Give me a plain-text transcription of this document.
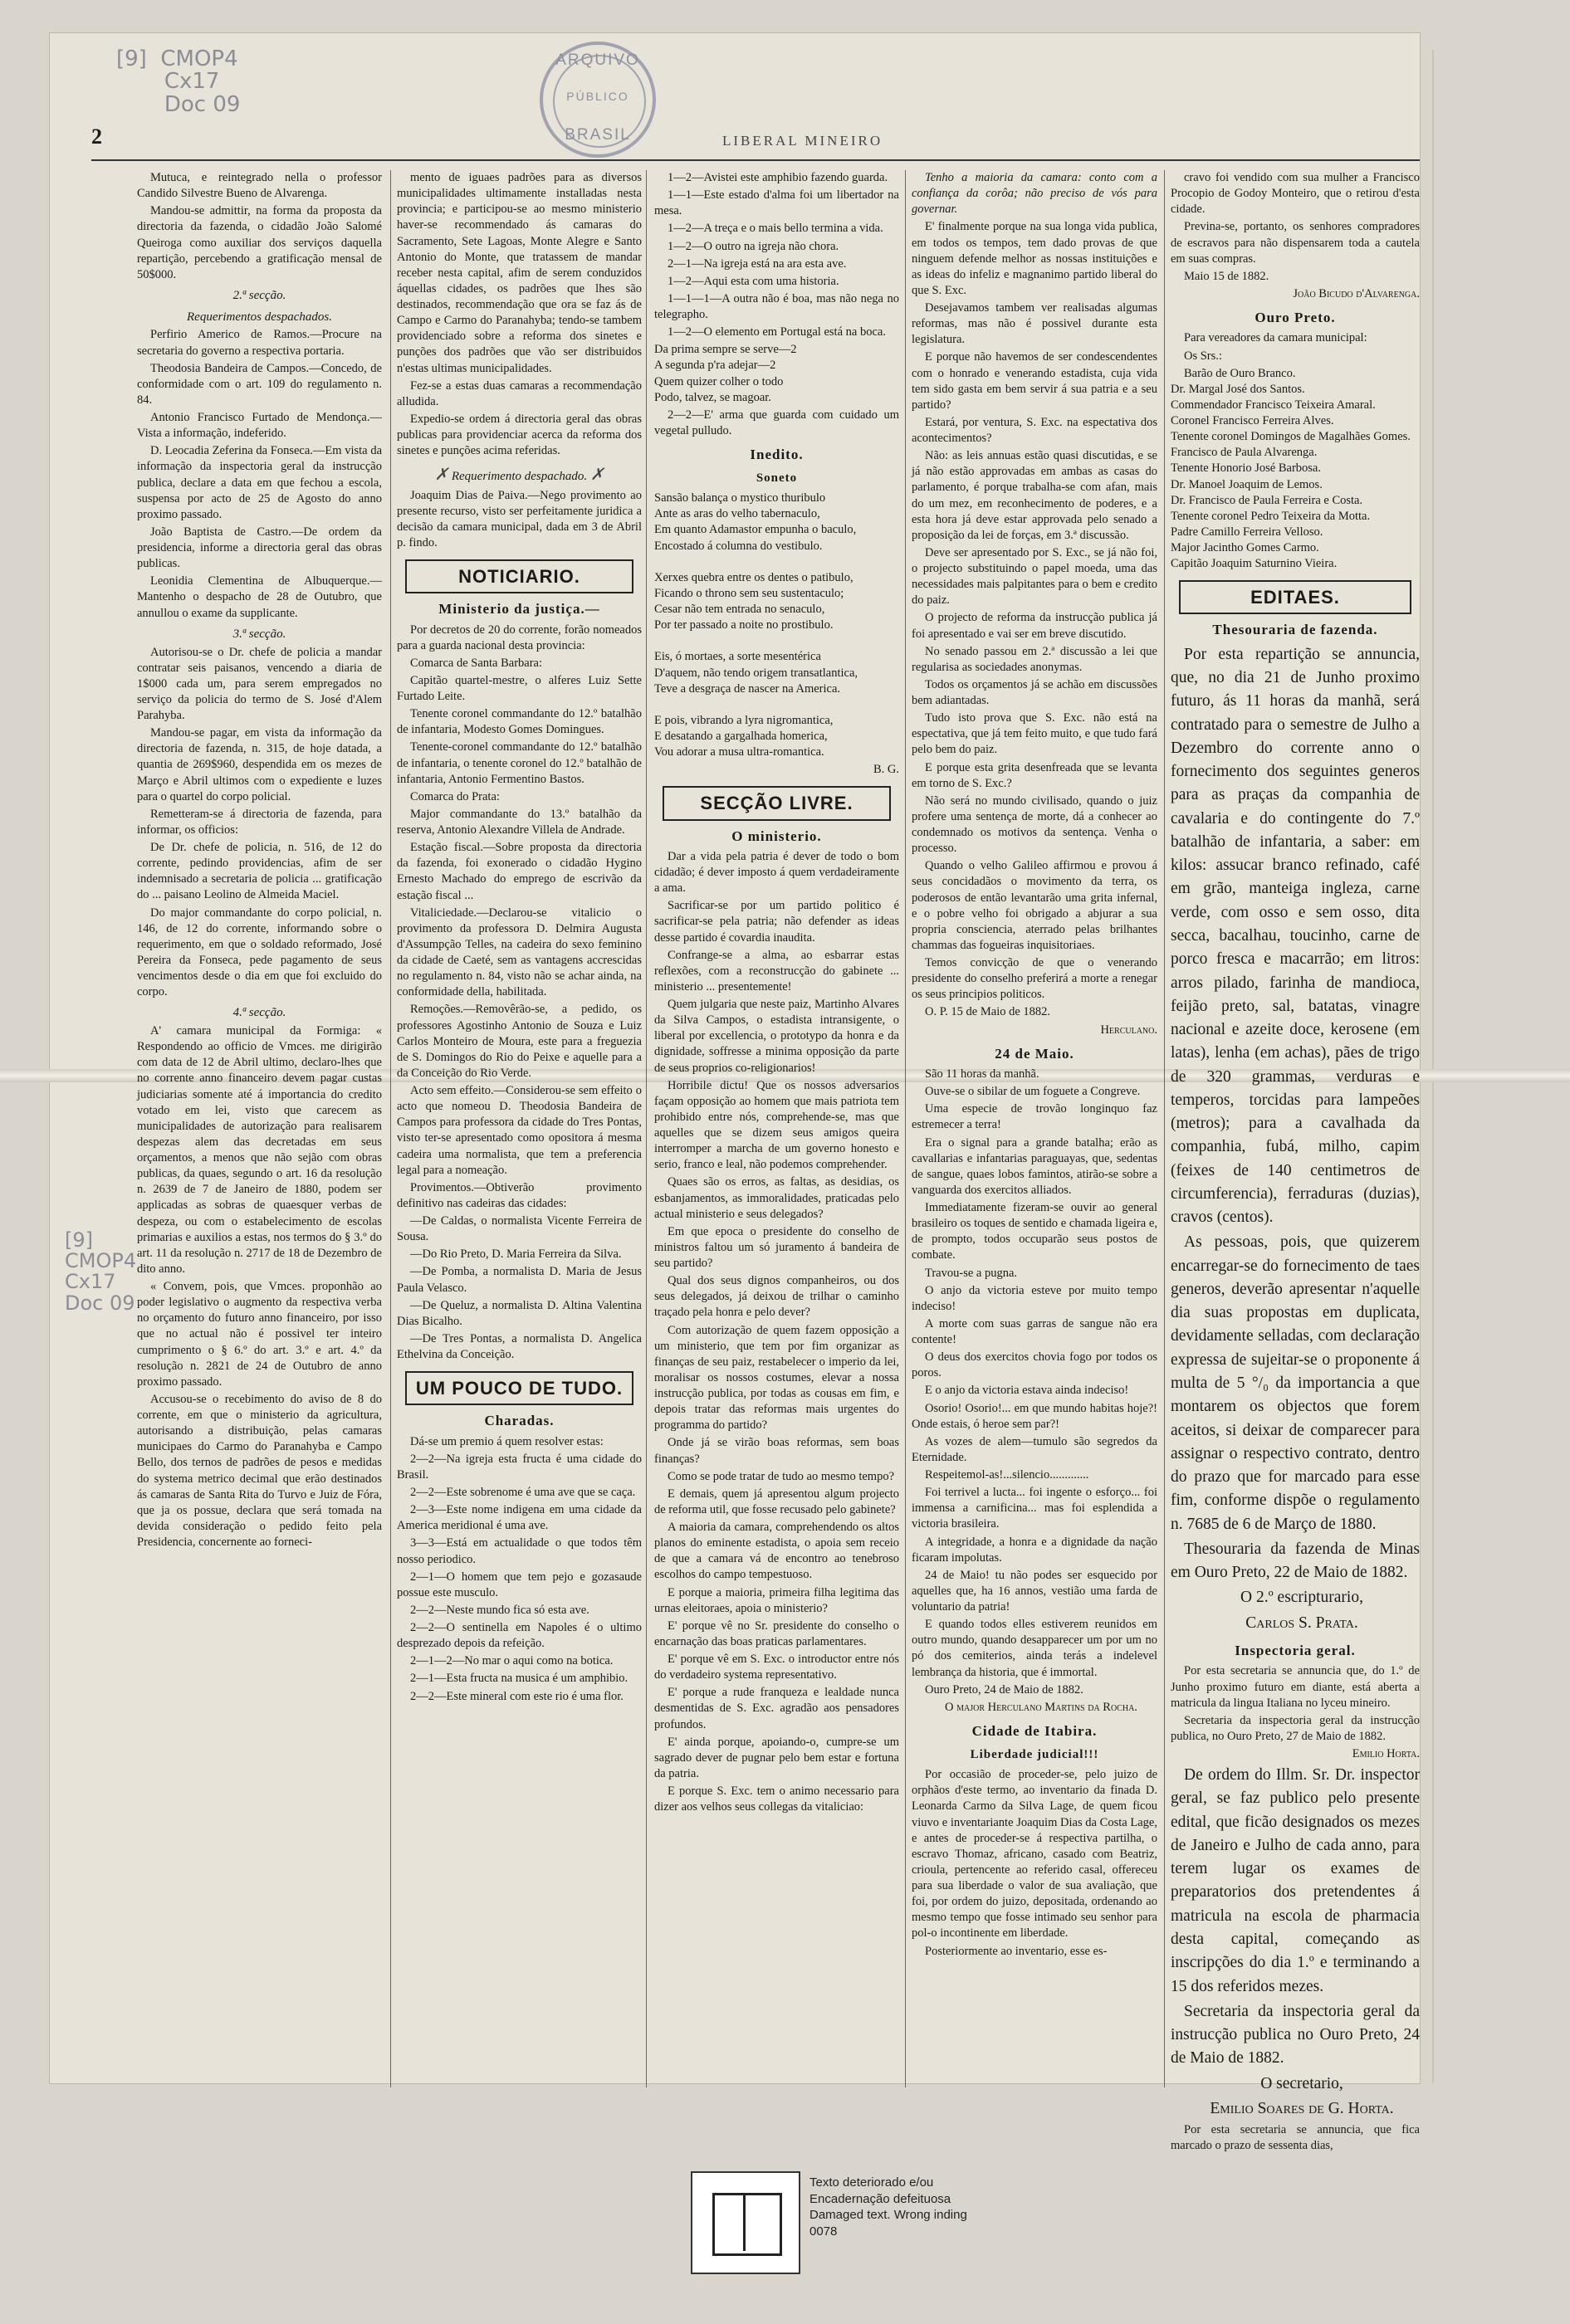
ARQUIVO
PÚBLICO
BRASIL
[9]  CMOP4
Cx17
Doc 09
[9]
CMOP4
Cx17
Doc 09
2	LIBERAL MINEIRO

Mutuca, e reintegrado nella o professor Candido Silvestre Bueno de Alvarenga.

Mandou-se admittir, na forma da proposta da directoria da fazenda, o cidadão João Salomé Queiroga como auxiliar dos serviços daquella repartição, percebendo a gratificação mensal de 50$000.

2.ª secção.
Requerimentos despachados.

Perfirio Americo de Ramos.—Procure na secretaria do governo a respectiva portaria.

Theodosia Bandeira de Campos.—Concedo, de conformidade com o art. 109 do regulamento n. 84.

Antonio Francisco Furtado de Mendonça.—Vista a informação, indeferido.

D. Leocadia Zeferina da Fonseca.—Em vista da informação da inspectoria geral da instrucção publica, declare a data em que fechou a escola, suspensa por acto de 25 de Agosto do anno proximo passado.

João Baptista de Castro.—De ordem da presidencia, informe a directoria geral das obras publicas.

Leonidia Clementina de Albuquerque.—Mantenho o despacho de 28 de Outubro, que annullou o exame da supplicante.

3.ª secção.

Autorisou-se o Dr. chefe de policia a mandar contratar seis paisanos, vencendo a diaria de 1$000 cada um, para serem empregados no serviço da policia do termo de S. José d'Alem Parahyba.

Mandou-se pagar, em vista da informação da directoria de fazenda, n. 315, de hoje datada, a quantia de 269$960, despendida em os mezes de Março e Abril ultimos com o expediente e luzes para o quartel do corpo policial.

Remetteram-se á directoria de fazenda, para informar, os officios:

De Dr. chefe de policia, n. 516, de 12 do corrente, pedindo providencias, afim de ser indemnisado a secretaria de policia ... gratificação do ... paisano Leolino de Almeida Maciel.

Do major commandante do corpo policial, n. 146, de 12 do corrente, informando sobre o requerimento, em que o soldado reformado, José Pereira da Fonseca, pede pagamento de seus vencimentos desde o dia em que foi excluido do corpo.

4.ª secção.

A' camara municipal da Formiga: « Respondendo ao officio de Vmces. me dirigirão com data de 12 de Abril ultimo, declaro-lhes que no corrente anno financeiro devem pagar custas judiciarias somente até á importancia do credito votado em lei, visto que carecem as municipalidades de autorização para realisarem despezas alem das decretadas em seus orçamentos, a menos que não sejão com obras publicas, da quaes, segundo o art. 16 da resolução n. 2639 de 7 de Janeiro de 1880, podem ser applicadas as sobras de quaesquer verbas de despeza, ou com o estabelecimento de escolas primarias e auxilios a estas, nos termos do § 3.º do art. 11 da resolução n. 2717 de 18 de Dezembro de dito anno.

« Convem, pois, que Vmces. proponhão ao poder legislativo o augmento da respectiva verba no orçamento do futuro anno financeiro, por isso que no actual não é possivel ter inteiro cumprimento o § 6.º do art. 3.º e art. 4.º da resolução n. 2821 de 24 de Outubro de anno proximo passado.

Accusou-se o recebimento do aviso de 8 do corrente, em que o ministerio da agricultura, autorisando a distribuição, pelas camaras municipaes do Carmo do Paranahyba e Campo Bello, dos ternos de padrões de pesos e medidas do systema metrico decimal que erão destinados ás camaras de Santa Rita do Turvo e Juiz de Fóra, que ja os possue, declara que será tomada na devida consideração o pedido feito pela Presidencia, concernente ao forneci-

mento de iguaes padrões para as diversos municipalidades ultimamente installadas nesta provincia; e participou-se ao mesmo ministerio haver-se recommendado ás camaras do Sacramento, Sete Lagoas, Monte Alegre e Santo Antonio do Monte, que tratassem de mandar receber nesta capital, afim de serem conduzidos áquellas cidades, os padrões que lhes são destinados, recommendação que ora se faz ás de Campo e Carmo do Paranahyba; tendo-se tambem providenciado sobre a reforma dos sinetes e punções dos padrões que vão ser distribuidos n'estas ultimas municipalidades.

Fez-se a estas duas camaras a recommendação alludida.

Expedio-se ordem á directoria geral das obras publicas para providenciar acerca da reforma dos sinetes e punções acima referidas.

✗ Requerimento despachado. ✗

Joaquim Dias de Paiva.—Nego provimento ao presente recurso, visto ser perfeitamente juridica a decisão da camara municipal, dada em 3 de Abril p. findo.

NOTICIARIO.
Ministerio da justiça.—

Por decretos de 20 do corrente, forão nomeados para a guarda nacional desta provincia:

Comarca de Santa Barbara:

Capitão quartel-mestre, o alferes Luiz Sette Furtado Leite.

Tenente coronel commandante do 12.º batalhão de infantaria, Modesto Gomes Domingues.

Tenente-coronel commandante do 12.º batalhão de infantaria, o tenente coronel do 12.º batalhão de infantaria, Antonio Fermentino Bastos.

Comarca do Prata:

Major commandante do 13.º batalhão da reserva, Antonio Alexandre Villela de Andrade.

Estação fiscal.—Sobre proposta da directoria da fazenda, foi exonerado o cidadão Hygino Ernesto Machado do emprego de escrivão da estação fiscal ...

Vitaliciedade.—Declarou-se vitalicio o provimento da professora D. Delmira Augusta d'Assumpção Telles, na cadeira do sexo feminino da cidade de Caeté, sem as vantagens accrescidas no regulamento n. 84, visto não se achar ainda, na conformidade della, habilitada.

Remoções.—Removêrão-se, a pedido, os professores Agostinho Antonio de Souza e Luiz Carlos Monteiro de Moura, este para a freguezia de S. Domingos do Rio do Peixe e aquelle para a da Conceição do Rio Verde.

Acto sem effeito.—Considerou-se sem effeito o acto que nomeou D. Theodosia Bandeira de Campos para professora da cidade do Tres Pontas, visto ter-se apresentado como opositora á mesma cadeira uma normalista, que tem a preferencia legal para a nomeação.

Provimentos.—Obtiverão provimento definitivo nas cadeiras das cidades:

—De Caldas, o normalista Vicente Ferreira de Sousa.

—Do Rio Preto, D. Maria Ferreira da Silva.

—De Pomba, a normalista D. Maria de Jesus Paula Velasco.

—De Queluz, a normalista D. Altina Valentina Dias Bicalho.

—De Tres Pontas, a normalista D. Angelica Ethelvina da Conceição.

UM POUCO DE TUDO.
Charadas.

Dá-se um premio á quem resolver estas:

2—2—Na igreja esta fructa é uma cidade do Brasil.

2—2—Este sobrenome é uma ave que se caça.

2—3—Este nome indigena em uma cidade da America meridional é uma ave.

3—3—Está em actualidade o que todos têm nosso periodico.

2—1—O homem que tem pejo e gozasaude possue este musculo.

2—2—Neste mundo fica só esta ave.

2—2—O sentinella em Napoles é o ultimo desprezado depois da refeição.

2—1—2—No mar o aqui como na botica.

2—1—Esta fructa na musica é um amphibio.

2—2—Este mineral com este rio é uma flor.

1—2—Avistei este amphibio fazendo guarda.

1—1—Este estado d'alma foi um libertador na mesa.

1—2—A treça e o mais bello termina a vida.

1—2—O outro na igreja não chora.

2—1—Na igreja está na ara esta ave.

1—2—Aqui esta com uma historia.

1—1—1—A outra não é boa, mas não nega no telegrapho.

1—2—O elemento em Portugal está na boca.

Da prima sempre se serve—2
A segunda p'ra adejar—2
Quem quizer colher o todo
Podo, talvez, se magoar.

2—2—E' arma que guarda com cuidado um vegetal pulludo.

Inedito.
Soneto

Sansão balança o mystico thuribulo
Ante as aras do velho tabernaculo,
Em quanto Adamastor empunha o baculo,
Encostado á columna do vestibulo.

Xerxes quebra entre os dentes o patibulo,
Ficando o throno sem seu sustentaculo;
Cesar não tem entrada no senaculo,
Por ter passado a noite no prostibulo.

Eis, ó mortaes, a sorte mesentérica
D'aquem, não tendo origem transatlantica,
Teve a desgraça de nascer na America.

E pois, vibrando a lyra nigromantica,
E desatando a gargalhada homerica,
Vou adorar a musa ultra-romantica.

B. G.

SECÇÃO LIVRE.
O ministerio.

Dar a vida pela patria é dever de todo o bom cidadão; é dever imposto á quem verdadeiramente a ama.

Sacrificar-se por um partido politico é sacrificar-se pela patria; não defender as ideas desse partido é covardia inaudita.

Confrange-se a alma, ao esbarrar estas reflexões, com a reconstrucção do gabinete ... ministerio ... presentemente!

Quem julgaria que neste paiz, Martinho Alvares da Silva Campos, o estadista intransigente, o liberal por excellencia, o prototypo da honra e da dignidade, soffresse a minima opposição da parte de seus proprios co-religionarios!

Horribile dictu! Que os nossos adversarios façam opposição ao homem que mais patriota tem prohibido entre nós, comprehende-se, mas que aquelles que se dizem seus amigos queira interromper a marcha de um governo honesto e serio, franco e leal, não podemos comprehender.

Quaes são os erros, as faltas, as desidias, os esbanjamentos, as immoralidades, praticadas pelo actual ministerio e seus delegados?

Em que epoca o presidente do conselho de ministros faltou um só juramento á bandeira de seu partido?

Qual dos seus dignos companheiros, ou dos seus delegados, já deixou de trilhar o caminho traçado pela honra e pelo dever?

Com autorização de quem fazem opposição a um ministerio, que tem por fim organizar as finanças de seu paiz, restabelecer o imperio da lei, moralisar os nossos costumes, elevar a nossa instrucção publica, por todas as cousas em fim, e depois tratar das reformas mais urgentes do programma do partido?

Onde já se virão boas reformas, sem boas finanças?

Como se pode tratar de tudo ao mesmo tempo?

E demais, quem já apresentou algum projecto de reforma util, que fosse recusado pelo gabinete?

A maioria da camara, comprehendendo os altos planos do eminente estadista, o apoia sem receio de que a camara vá de encontro ao tenebroso escolhos do campo tempestuoso.

E porque a maioria, primeira filha legitima das urnas eleitoraes, apoia o ministerio?

E' porque vê no Sr. presidente do conselho o encarnação das boas praticas parlamentares.

E' porque vê em S. Exc. o introductor entre nós do verdadeiro systema representativo.

E' porque a rude franqueza e lealdade nunca desmentidas de S. Exc. agradão aos pensadores profundos.

E' ainda porque, apoiando-o, cumpre-se um sagrado dever de pugnar pelo bem estar e fortuna da patria.

E porque S. Exc. tem o animo necessario para dizer aos velhos seus collegas da vitaliciao:

Tenho a maioria da camara: conto com a confiança da corôa; não preciso de vós para governar.

E' finalmente porque na sua longa vida publica, em todos os tempos, tem dado provas de que ninguem defende melhor as nossas instituições e as ideas do infeliz e magnanimo partido liberal do que S. Exc.

Desejavamos tambem ver realisadas algumas reformas, mas não é possivel durante esta legislatura.

E porque não havemos de ser condescendentes com o honrado e venerando estadista, cuja vida tem sido gasta em bem servir á sua patria e a seu partido?

Estará, por ventura, S. Exc. na espectativa dos acontecimentos?

Não: as leis annuas estão quasi discutidas, e se já não estão approvadas em ambas as casas do parlamento, é porque trabalha-se com afan, mais do um mez, em reconhecimento de poderes, e a esta hora já deve estar approvada pelo senado a proposição da lei de forças, em 3.ª discussão.

Deve ser apresentado por S. Exc., se já não foi, o projecto substituindo o papel moeda, uma das necessidades mais palpitantes para o bem e credito do paiz.

O projecto de reforma da instrucção publica já foi apresentado e vai ser em breve discutido.

No senado passou em 2.ª discussão a lei que regularisa as sociedades anonymas.

Todos os orçamentos já se achão em discussões bem adiantadas.

Tudo isto prova que S. Exc. não está na espectativa, que já tem feito muito, e que tudo fará pelo bem do paiz.

E porque esta grita desenfreada que se levanta em torno de S. Exc.?

Não será no mundo civilisado, quando o juiz profere uma sentença de morte, dá a conhecer ao condemnado os motivos da sentença. Venha o processo.

Quando o velho Galileo affirmou e provou á seus concidadãos o movimento da terra, os poderosos de então levantarão uma grita infernal, e o pobre velho foi obrigado a abjurar a sua propria consciencia, aterrado pelas brilhantes chammas das fogueiras inquisitoriaes.

Temos convicção de que o venerando presidente do conselho preferirá a morte a renegar os seus principios politicos.

O. P. 15 de Maio de 1882.

Herculano.

24 de Maio.

São 11 horas da manhã.

Ouve-se o sibilar de um foguete a Congreve.

Uma especie de trovão longinquo faz estremecer a terra!

Era o signal para a grande batalha; erão as cavallarias e infantarias paraguayas, que, sedentas de sangue, quaes lobos famintos, atirão-se sobre a vanguarda dos exercitos alliados.

Immediatamente fizeram-se ouvir ao general brasileiro os toques de sentido e chamada ligeira e, de prompto, todos occuparão seus postos de combate.

Travou-se a pugna.

O anjo da victoria esteve por muito tempo indeciso!

A morte com suas garras de sangue não era contente!

O deus dos exercitos chovia fogo por todos os poros.

E o anjo da victoria estava ainda indeciso!

Osorio! Osorio!... em que mundo habitas hoje?! Onde estais, ó heroe sem par?!

As vozes de alem—tumulo são segredos da Eternidade.

Respeitemol-as!...silencio.............

Foi terrivel a lucta... foi ingente o esforço... foi immensa a carnificina... mas foi esplendida a victoria brasileira.

A integridade, a honra e a dignidade da nação ficaram impolutas.

24 de Maio! tu não podes ser esquecido por aquelles que, ha 16 annos, vestião uma farda de voluntario da patria!

E quando todos elles estiverem reunidos em outro mundo, quando desapparecer um por um no pó dos cemiterios, ainda terás a indelevel lembrança da historia, que é immortal.

Ouro Preto, 24 de Maio de 1882.

O major Herculano Martins da Rocha.

Cidade de Itabira.
Liberdade judicial!!!

Por occasião de proceder-se, pelo juizo de orphãos d'este termo, ao inventario da finada D. Leonarda Carmo da Silva Lage, de quem ficou viuvo e inventariante Joaquim Dias da Costa Lage, e antes de proceder-se á respectiva partilha, o escravo Thomaz, africano, casado com Beatriz, crioula, pertencente ao referido casal, offereceu para sua liberdade o valor de sua avaliação, que foi, por ordem do juizo, depositada, ordenando ao mesmo tempo que fosse intimado seu senhor para pol-o incontinente em liberdade.

Posteriormente ao inventario, esse es-

cravo foi vendido com sua mulher a Francisco Procopio de Godoy Monteiro, que o retirou d'esta cidade.

Previna-se, portanto, os senhores compradores de escravos para não dispensarem toda a cautela em suas compras.

Maio 15 de 1882.

João Bicudo d'Alvarenga.

Ouro Preto.

Para vereadores da camara municipal:

Os Srs.:

Barão de Ouro Branco.
Dr. Margal José dos Santos.
Commendador Francisco Teixeira Amaral.
Coronel Francisco Ferreira Alves.
Tenente coronel Domingos de Magalhães Gomes.
Francisco de Paula Alvarenga.
Tenente Honorio José Barbosa.
Dr. Manoel Joaquim de Lemos.
Dr. Francisco de Paula Ferreira e Costa.
Tenente coronel Pedro Teixeira da Motta.
Padre Camillo Ferreira Velloso.
Major Jacintho Gomes Carmo.
Capitão Joaquim Saturnino Vieira.

EDITAES.
Thesouraria de fazenda.

Por esta repartição se annuncia, que, no dia 21 de Junho proximo futuro, ás 11 horas da manhã, será contratado para o semestre de Julho a Dezembro do corrente anno o fornecimento dos seguintes generos para as praças da companhia de cavalaria e do contingente do 7.º batalhão de infantaria, a saber: em kilos: assucar branco refinado, café em grão, manteiga ingleza, carne verde, com osso e sem osso, dita secca, bacalhau, toucinho, carne de porco fresca e macarrão; em litros: arros pilado, farinha de mandioca, feijão preto, sal, batatas, vinagre nacional e azeite doce, kerosene (em latas), lenha (em achas), pães de trigo de 320 grammas, verduras e temperos, torcidas para lampeões (metros); para a cavalhada da companhia, fubá, milho, capim (feixes de 140 centimetros de circumferencia), ferraduras (duzias), cravos (centos).

As pessoas, pois, que quizerem encarregar-se do fornecimento de taes generos, deverão apresentar n'aquelle dia suas propostas em duplicata, devidamente selladas, com declaração expressa de sujeitar-se o proponente á multa de 5 °/₀ da importancia a que montarem os objectos que forem aceitos, si deixar de comparecer para assignar o respectivo contrato, dentro do prazo que for marcado para esse fim, conforme dispõe o regulamento n. 7685 de 6 de Março de 1880.

Thesouraria da fazenda de Minas em Ouro Preto, 22 de Maio de 1882.

O 2.º escripturario,

Carlos S. Prata.

Inspectoria geral.

Por esta secretaria se annuncia que, do 1.º de Junho proximo futuro em diante, está aberta a matricula da lingua Italiana no lyceu mineiro.

Secretaria da inspectoria geral da instrucção publica, no Ouro Preto, 27 de Maio de 1882.

Emilio Horta.

De ordem do Illm. Sr. Dr. inspector geral, se faz publico pelo presente edital, que ficão designados os mezes de Janeiro e Julho de cada anno, para terem lugar os exames de preparatorios dos pretendentes á matricula na escola de pharmacia desta capital, começando as inscripções do dia 1.º e terminando a 15 dos referidos mezes.

Secretaria da inspectoria geral da instrucção publica no Ouro Preto, 24 de Maio de 1882.

O secretario,

Emilio Soares de G. Horta.

Por esta secretaria se annuncia, que fica marcado o prazo de sessenta dias,

Texto deteriorado e/ou
Encadernação defeituosa
Damaged text. Wrong inding
0078
